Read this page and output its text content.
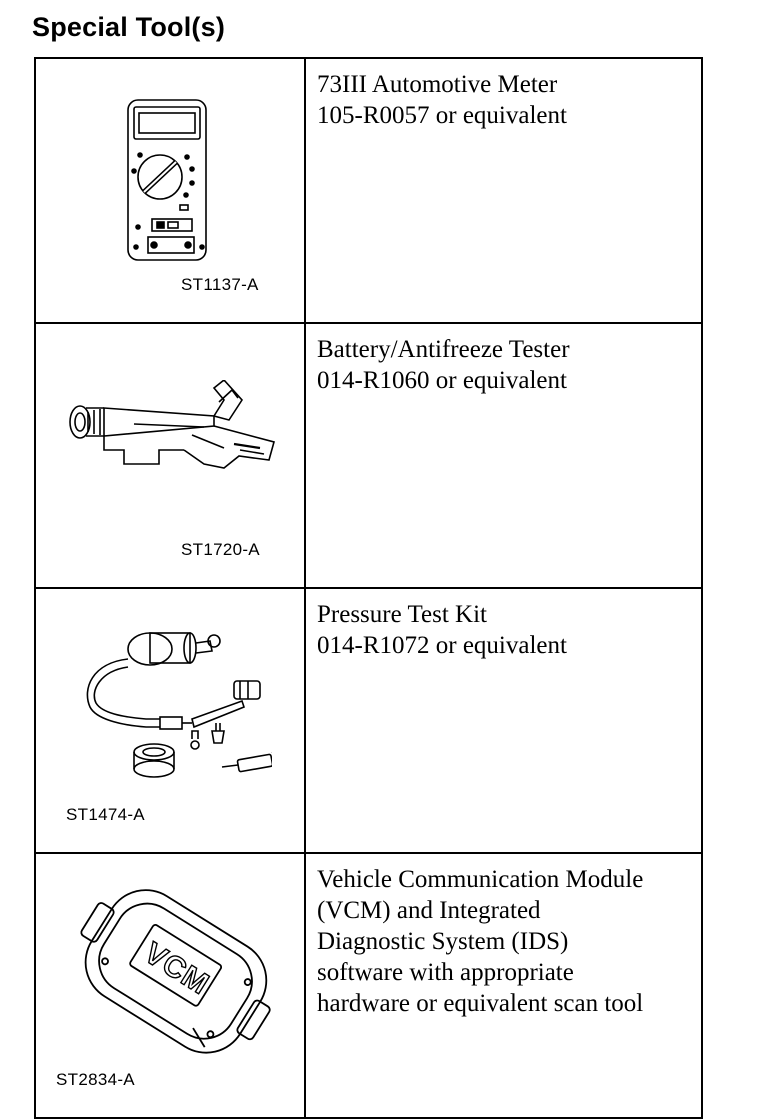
Special Tool(s)
ST1137-A	73III Automotive Meter
105-R0057 or equivalent

ST1720-A	Battery/Antifreeze Tester
014-R1060 or equivalent

ST1474-A	Pressure Test Kit
014-R1072 or equivalent

VCM
ST2834-A	Vehicle Communication Module
(VCM) and Integrated
Diagnostic System (IDS)
software with appropriate
hardware or equivalent scan tool
